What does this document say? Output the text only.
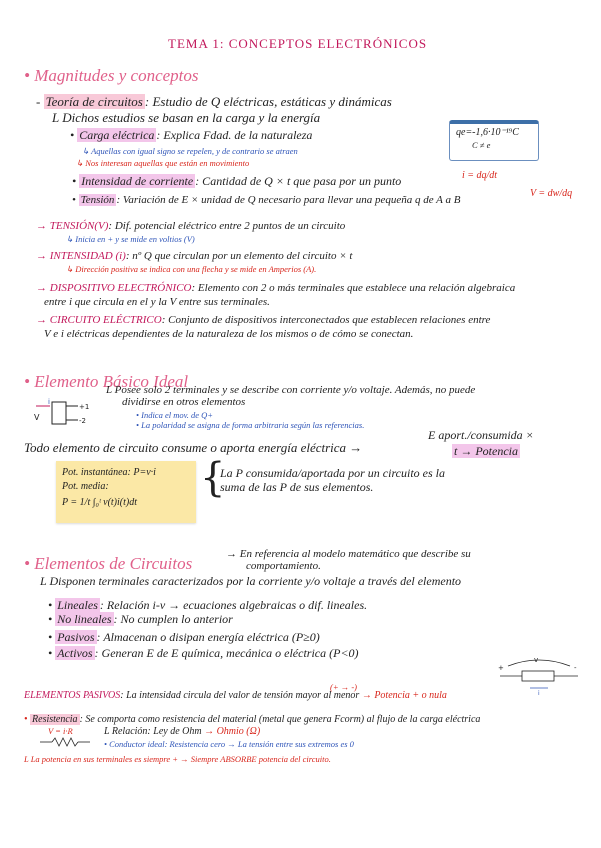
TEMA 1: CONCEPTOS ELECTRÓNICOS
• Magnitudes y conceptos
- Teoría de circuitos : Estudio de Q eléctricas, estáticas y dinámicas
L Dichos estudios se basan en la carga y la energía
• Carga eléctrica : Explica Fdad. de la naturaleza
↳ Aquellas con igual signo se repelen, y de contrario se atraen
↳ Nos interesan aquellas que están en movimiento
qe=-1,6·10⁻¹⁹C
C ≠ e
• Intensidad de corriente : Cantidad de Q × t que pasa por un punto	i = dq/dt
• Tensión : Variación de E × unidad de Q necesario para llevar una pequeña q de A a B
V = dw/dq
→ TENSIÓN(V): Dif. potencial eléctrico entre 2 puntos de un circuito
↳ Inicia en + y se mide en voltios (V)
→ INTENSIDAD (i): nº Q que circulan por un elemento del circuito × t
↳ Dirección positiva se indica con una flecha y se mide en Amperios (A).
→ DISPOSITIVO ELECTRÓNICO: Elemento con 2 o más terminales que establece una relación algebraica
entre i que circula en el y la V entre sus terminales.
→ CIRCUITO ELÉCTRICO: Conjunto de dispositivos interconectados que establecen relaciones entre
V e i eléctricas dependientes de la naturaleza de los mismos o de cómo se conectan.
• Elemento Básico Ideal
V
i
+1
-2
L Posee solo 2 terminales y se describe con corriente y/o voltaje. Además, no puede
dividirse en otros elementos
• Indica el mov. de Q+
• La polaridad se asigna de forma arbitraria según las referencias.
Todo elemento de circuito consume o aporta energía eléctrica →
E aport./consumida ×
t → Potencia
Pot. instantánea: P=v·i
Pot. media:
P = 1/t ∫₀ᵗ v(t)i(t)dt
{
La P consumida/aportada por un circuito es la
suma de las P de sus elementos.
• Elementos de Circuitos	→ En referencia al modelo matemático que describe su
comportamiento.
L Disponen terminales caracterizados por la corriente y/o voltaje a través del elemento
• Lineales : Relación i-v → ecuaciones algebraicas o dif. lineales.
• No lineales : No cumplen lo anterior
• Pasivos : Almacenan o disipan energía eléctrica (P≥0)
• Activos : Generan E de E química, mecánica o eléctrica (P<0)	v
+	-
i
ELEMENTOS PASIVOS: La intensidad circula del valor de tensión mayor al menor → Potencia + o nula
(+ → -)
• Resistencia : Se comporta como resistencia del material (metal que genera Fcorm) al flujo de la carga eléctrica
V = i·R	L Relación: Ley de Ohm → Ohmio (Ω)
• Conductor ideal: Resistencia cero → La tensión entre sus extremos es 0
L La potencia en sus terminales es siempre + → Siempre ABSORBE potencia del circuito.
